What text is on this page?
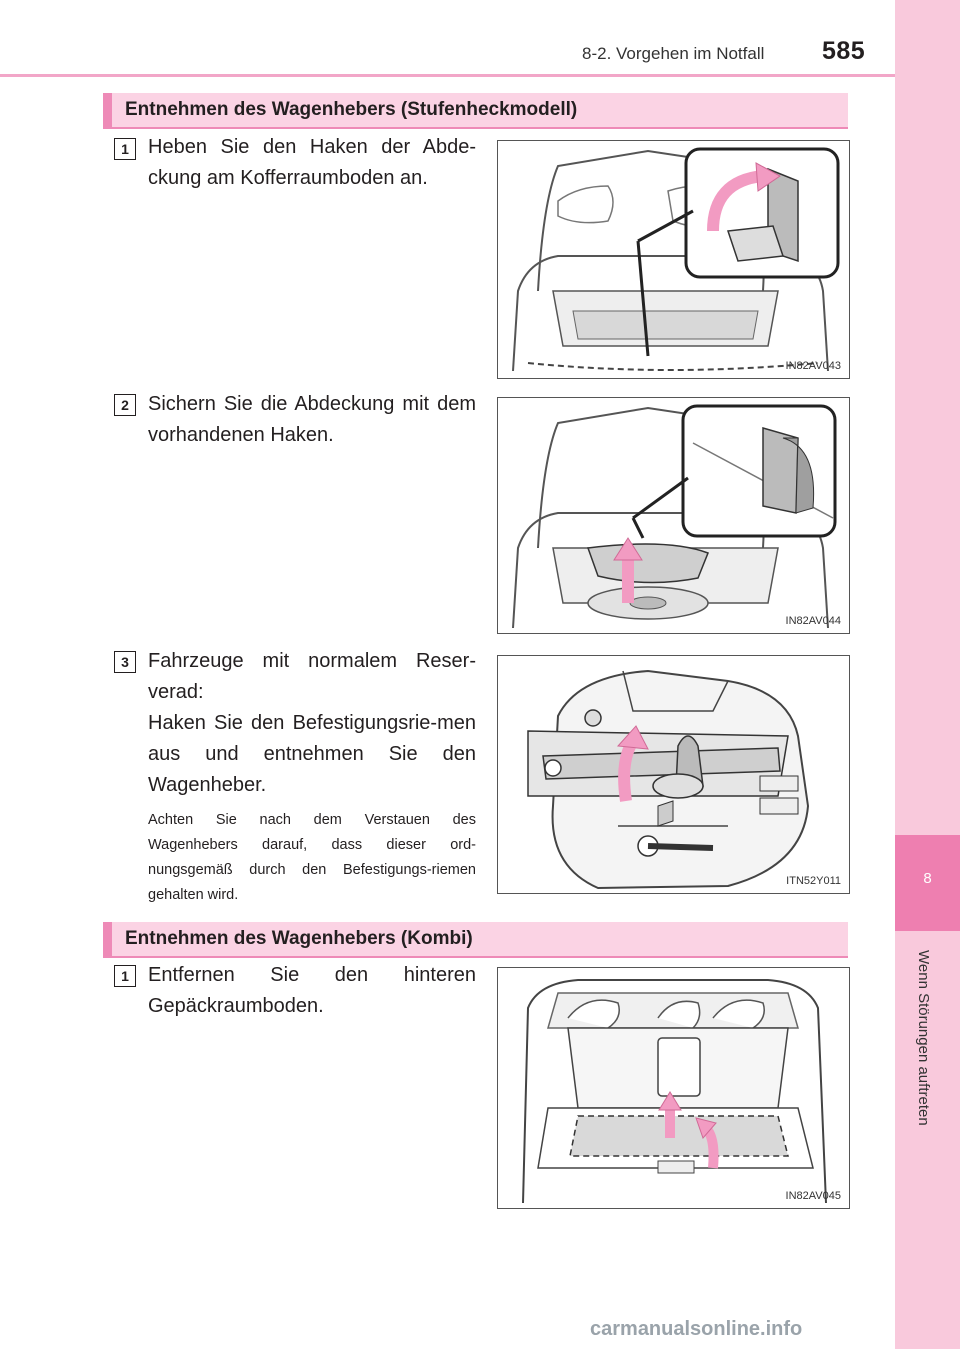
8-2. Vorgehen im Notfall 585
8
Wenn Störungen auftreten
Entnehmen des Wagenhebers (Stufenheckmodell)
1 Heben Sie den Haken der Abde-ckung am Kofferraumboden an.

IN82AV043
2 Sichern Sie die Abdeckung mit dem vorhandenen Haken.

IN82AV044
3 Fahrzeuge mit normalem Reser-verad:

Haken Sie den Befestigungsrie-men aus und entnehmen Sie den Wagenheber.

Achten Sie nach dem Verstauen des Wagenhebers darauf, dass dieser ord-nungsgemäß durch den Befestigungs-riemen gehalten wird.
ITN52Y011
Entnehmen des Wagenhebers (Kombi)
1 Entfernen Sie den hinteren Gepäckraumboden.

IN82AV045
carmanualsonline.info
